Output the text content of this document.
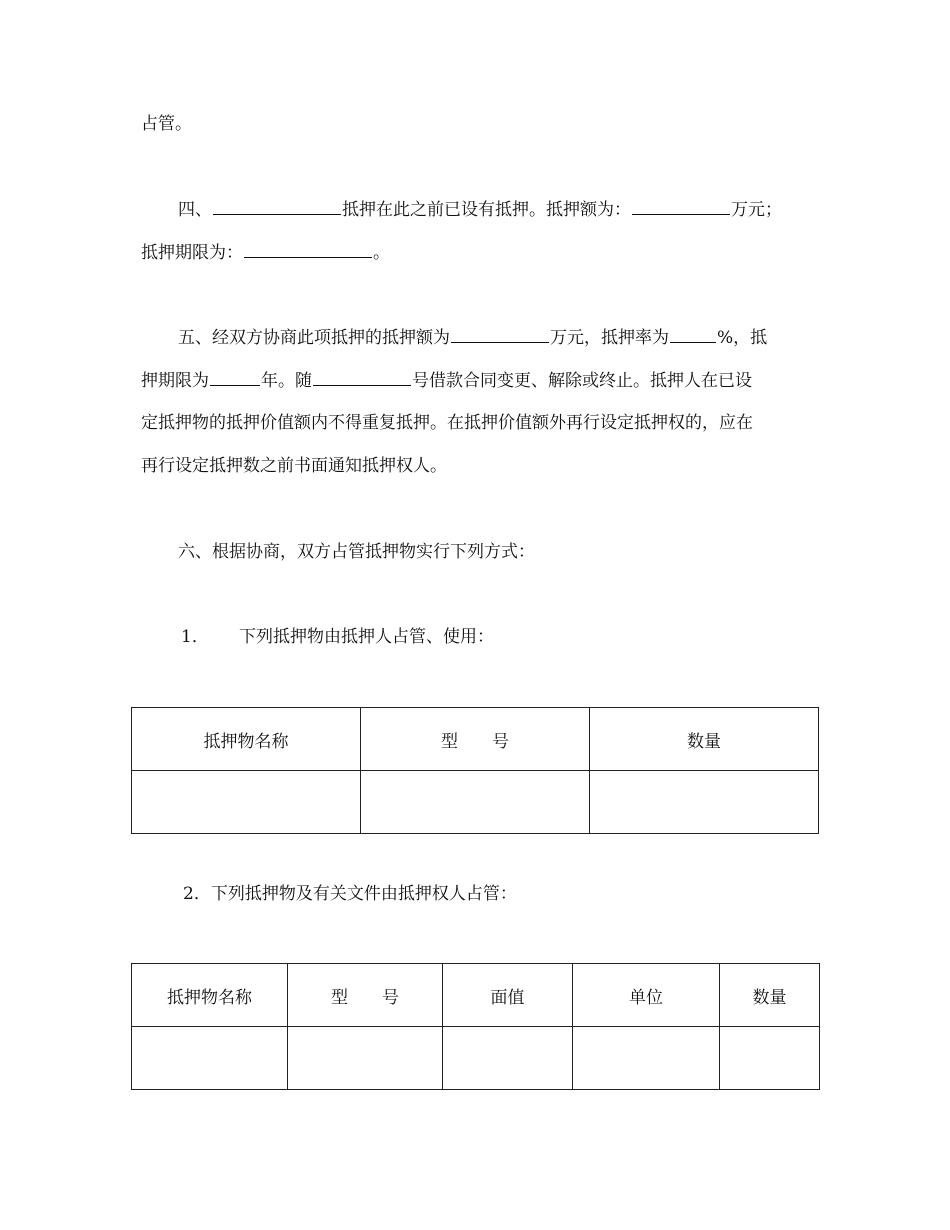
占管。
四、	抵押在此之前已设有抵押。抵押额为：	万元；
抵押期限为：	。
五、经双方协商此项抵押的抵押额为	万元，抵押率为	%，抵
押期限为	年。随	号借款合同变更、解除或终止。抵押人在已设
定抵押物的抵押价值额内不得重复抵押。在抵押价值额外再行设定抵押权的，应在
再行设定抵押数之前书面通知抵押权人。
六、根据协商，双方占管抵押物实行下列方式：
1． 下列抵押物由抵押人占管、使用：
抵押物名称	型　　号	数量

2．下列抵押物及有关文件由抵押权人占管：
抵押物名称	型　　号	面值	单位	数量
